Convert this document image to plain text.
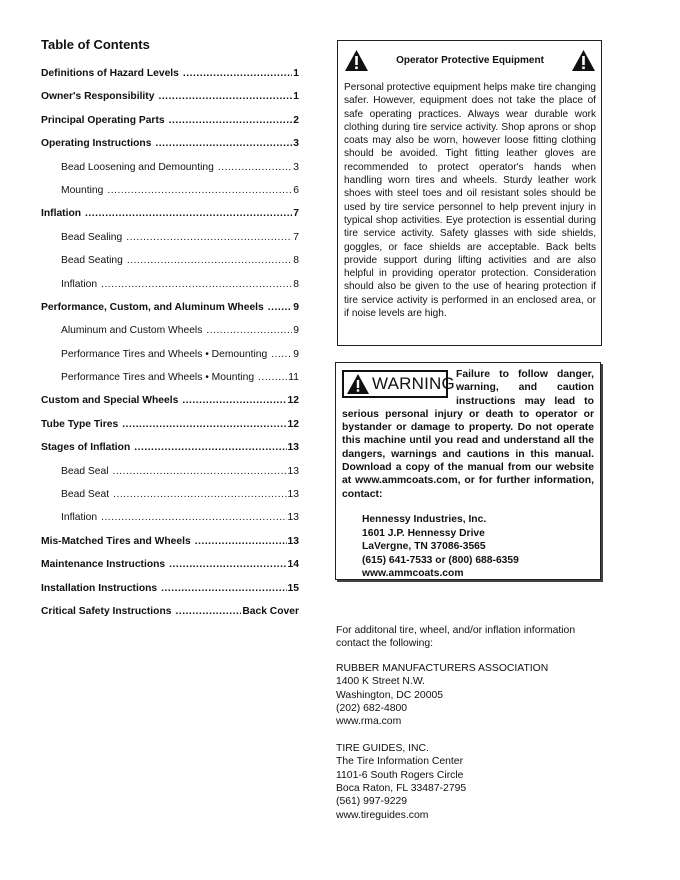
Table of Contents
Definitions of Hazard Levels .....	1
Owner's Responsibility .....	1
Principal Operating Parts .....	2
Operating Instructions .....	3
Bead Loosening and Demounting .....	3
Mounting .....	6
Inflation .....	7
Bead Sealing .....	7
Bead Seating .....	8
Inflation .....	8
Performance, Custom, and Aluminum Wheels .....	9
Aluminum and Custom Wheels .....	9
Performance Tires and Wheels • Demounting .....	9
Performance Tires and Wheels • Mounting .....	11
Custom and Special Wheels .....	12
Tube Type Tires .....	12
Stages of Inflation .....	13
Bead Seal .....	13
Bead Seat .....	13
Inflation .....	13
Mis-Matched Tires and Wheels .....	13
Maintenance Instructions .....	14
Installation Instructions .....	15
Critical Safety Instructions .....	Back Cover
Operator Protective Equipment

Personal protective equipment helps make tire changing safer. However, equipment does not take the place of safe operating practices. Always wear durable work clothing during tire service activity. Shop aprons or shop coats may also be worn, however loose fitting clothing should be avoided. Tight fitting leather gloves are recommended to protect operator's hands when handling worn tires and wheels. Sturdy leather work shoes with steel toes and oil resistant soles should be used by tire service personnel to help prevent injury in typical shop activities. Eye protection is essential during tire service activity. Safety glasses with side shields, goggles, or face shields are acceptable. Back belts provide support during lifting activities and are also helpful in providing operator protection. Consideration should also be given to the use of hearing protection if tire service activity is performed in an enclosed area, or if noise levels are high.

WARNING Failure to follow danger, warning, and caution instructions may lead to serious personal injury or death to operator or bystander or damage to property. Do not operate this machine until you read and understand all the dangers, warnings and cautions in this manual. Download a copy of the manual from our website at www.ammcoats.com, or for further information, contact:

Hennessy Industries, Inc.
1601 J.P. Hennessy Drive
LaVergne, TN 37086-3565
(615) 641-7533 or (800) 688-6359
www.ammcoats.com

For additonal tire, wheel, and/or inflation information contact the following:

RUBBER MANUFACTURERS ASSOCIATION
1400 K Street N.W.
Washington, DC 20005
(202) 682-4800
www.rma.com
TIRE GUIDES, INC.
The Tire Information Center
1101-6 South Rogers Circle
Boca Raton, FL 33487-2795
(561) 997-9229
www.tireguides.com
